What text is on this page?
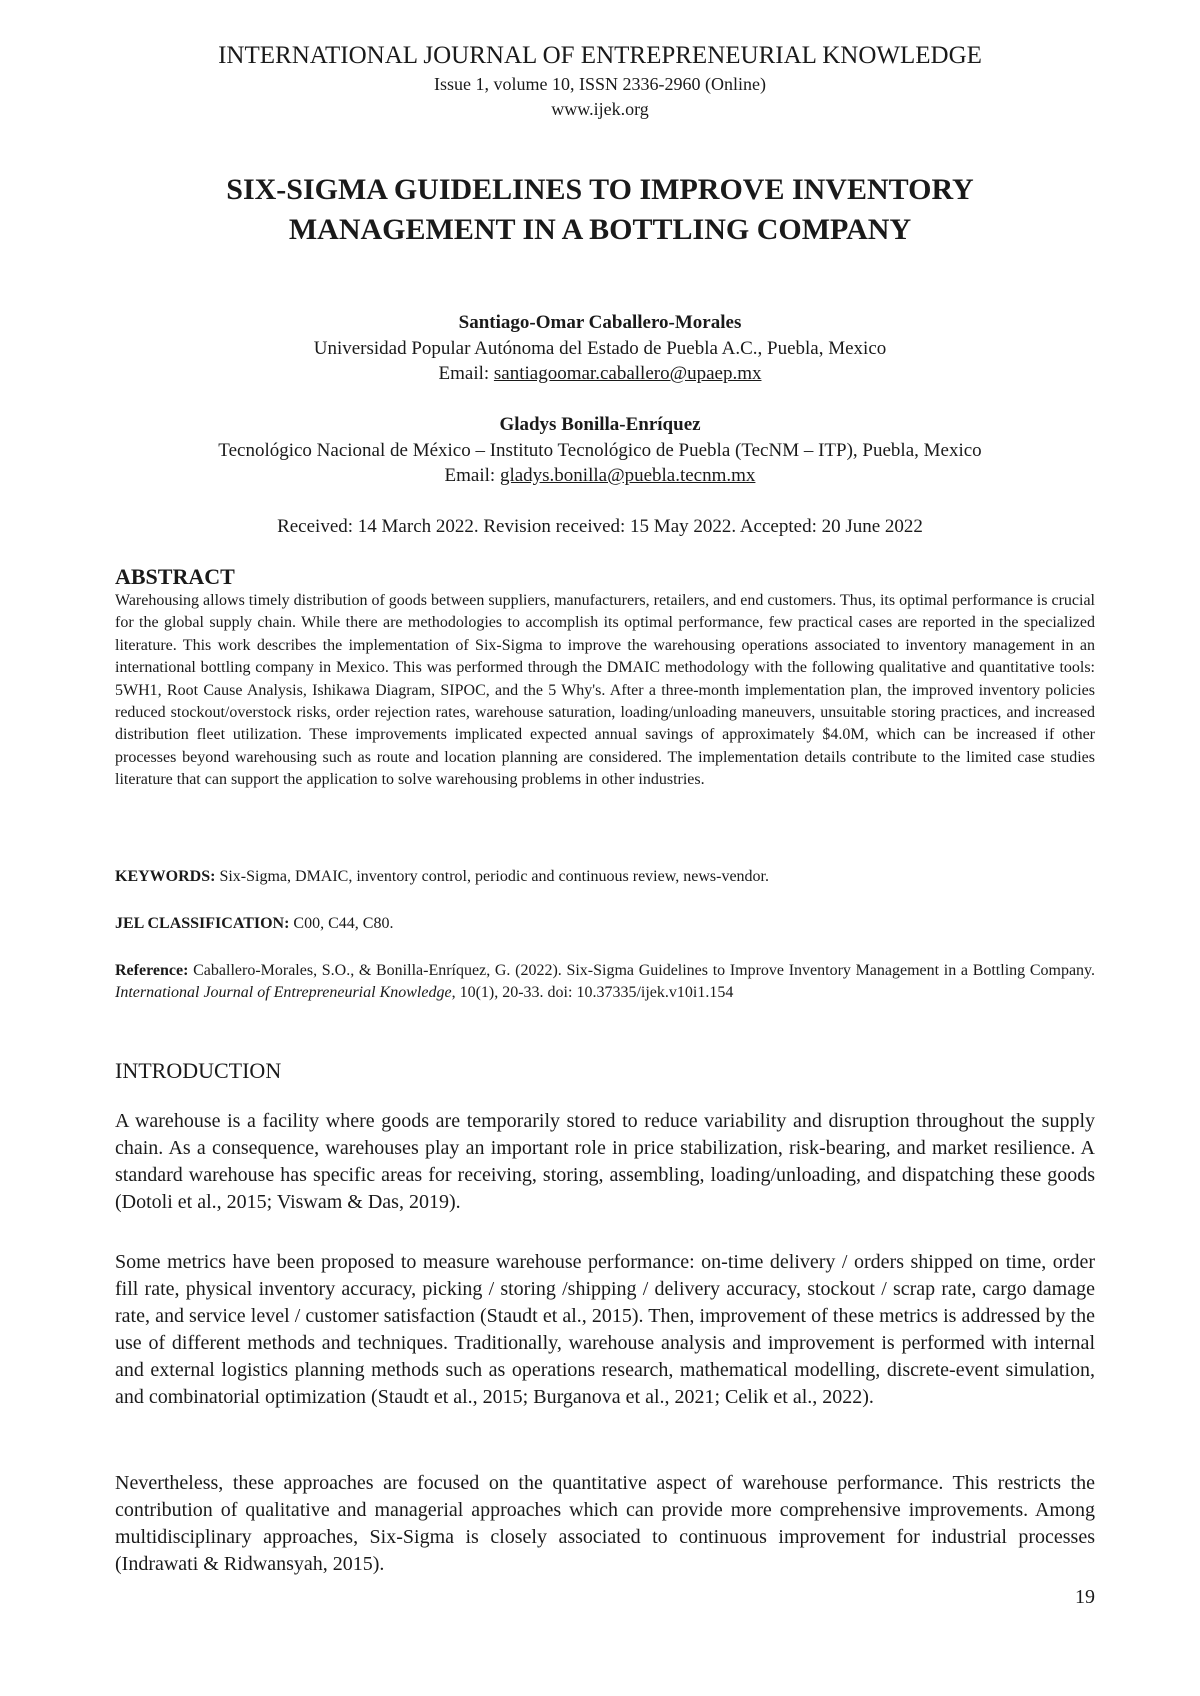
INTERNATIONAL JOURNAL OF ENTREPRENEURIAL KNOWLEDGE
Issue 1, volume 10, ISSN 2336-2960 (Online)
www.ijek.org
SIX-SIGMA GUIDELINES TO IMPROVE INVENTORY MANAGEMENT IN A BOTTLING COMPANY
Santiago-Omar Caballero-Morales
Universidad Popular Autónoma del Estado de Puebla A.C., Puebla, Mexico
Email: santiagoomar.caballero@upaep.mx
Gladys Bonilla-Enríquez
Tecnológico Nacional de México – Instituto Tecnológico de Puebla (TecNM – ITP), Puebla, Mexico
Email: gladys.bonilla@puebla.tecnm.mx
Received: 14 March 2022. Revision received: 15 May 2022. Accepted: 20 June 2022
ABSTRACT
Warehousing allows timely distribution of goods between suppliers, manufacturers, retailers, and end customers. Thus, its optimal performance is crucial for the global supply chain. While there are methodologies to accomplish its optimal performance, few practical cases are reported in the specialized literature. This work describes the implementation of Six-Sigma to improve the warehousing operations associated to inventory management in an international bottling company in Mexico. This was performed through the DMAIC methodology with the following qualitative and quantitative tools: 5WH1, Root Cause Analysis, Ishikawa Diagram, SIPOC, and the 5 Why's. After a three-month implementation plan, the improved inventory policies reduced stockout/overstock risks, order rejection rates, warehouse saturation, loading/unloading maneuvers, unsuitable storing practices, and increased distribution fleet utilization. These improvements implicated expected annual savings of approximately $4.0M, which can be increased if other processes beyond warehousing such as route and location planning are considered. The implementation details contribute to the limited case studies literature that can support the application to solve warehousing problems in other industries.
KEYWORDS: Six-Sigma, DMAIC, inventory control, periodic and continuous review, news-vendor.
JEL CLASSIFICATION: C00, C44, C80.
Reference: Caballero-Morales, S.O., & Bonilla-Enríquez, G. (2022). Six-Sigma Guidelines to Improve Inventory Management in a Bottling Company. International Journal of Entrepreneurial Knowledge, 10(1), 20-33. doi: 10.37335/ijek.v10i1.154
INTRODUCTION
A warehouse is a facility where goods are temporarily stored to reduce variability and disruption throughout the supply chain. As a consequence, warehouses play an important role in price stabilization, risk-bearing, and market resilience. A standard warehouse has specific areas for receiving, storing, assembling, loading/unloading, and dispatching these goods (Dotoli et al., 2015; Viswam & Das, 2019).
Some metrics have been proposed to measure warehouse performance: on-time delivery / orders shipped on time, order fill rate, physical inventory accuracy, picking / storing /shipping / delivery accuracy, stockout / scrap rate, cargo damage rate, and service level / customer satisfaction (Staudt et al., 2015). Then, improvement of these metrics is addressed by the use of different methods and techniques. Traditionally, warehouse analysis and improvement is performed with internal and external logistics planning methods such as operations research, mathematical modelling, discrete-event simulation, and combinatorial optimization (Staudt et al., 2015; Burganova et al., 2021; Celik et al., 2022).
Nevertheless, these approaches are focused on the quantitative aspect of warehouse performance. This restricts the contribution of qualitative and managerial approaches which can provide more comprehensive improvements. Among multidisciplinary approaches, Six-Sigma is closely associated to continuous improvement for industrial processes (Indrawati & Ridwansyah, 2015).
19
